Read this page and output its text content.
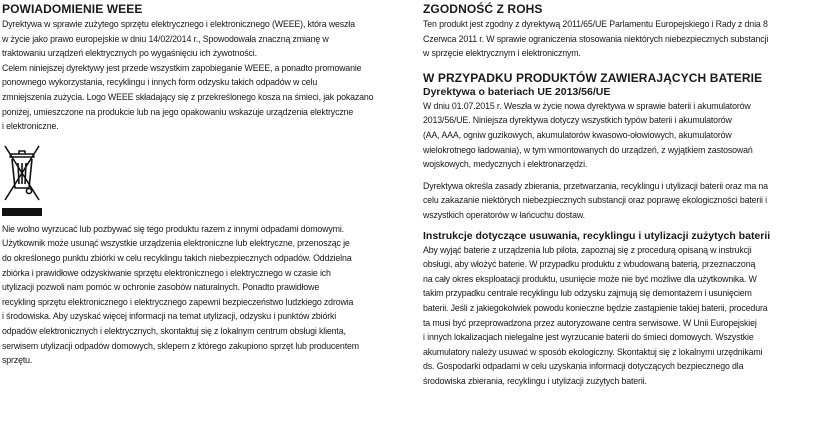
POWIADOMIENIE WEEE
Dyrektywa w sprawie zużytego sprzętu elektrycznego i elektronicznego (WEEE), która weszła
w życie jako prawo europejskie w dniu 14/02/2014 r., Spowodowała znaczną zmianę w
traktowaniu urządzeń elektrycznych po wygaśnięciu ich żywotności.
Celem niniejszej dyrektywy jest przede wszystkim zapobieganie WEEE, a ponadto promowanie
ponownego wykorzystania, recyklingu i innych form odzysku takich odpadów w celu
zmniejszenia zużycia. Logo WEEE składający się z przekreślonego kosza na śmieci, jak pokazano
poniżej, umieszczone na produkcie lub na jego opakowaniu wskazuje urządzenia elektryczne
i elektroniczne.
Nie wolno wyrzucać lub pozbywać się tego produktu razem z innymi odpadami domowymi.
Użytkownik może usunąć wszystkie urządzenia elektroniczne lub elektryczne, przenosząc je
do określonego punktu zbiórki w celu recyklingu takich niebezpiecznych odpadów. Oddzielna
zbiórka i prawidłowe odzyskiwanie sprzętu elektronicznego i elektrycznego w czasie ich
utylizacji pozwoli nam pomóc w ochronie zasobów naturalnych. Ponadto prawidłowe
recykling sprzętu elektronicznego i elektrycznego zapewni bezpieczeństwo ludzkiego zdrowia
i środowiska. Aby uzyskać więcej informacji na temat utylizacji, odzysku i punktów zbiórki
odpadów elektronicznych i elektrycznych, skontaktuj się z lokalnym centrum obsługi klienta,
serwisem utylizacji odpadów domowych, sklepem z którego zakupiono sprzęt lub producentem
sprzętu.
ZGODNOŚĆ Z ROHS
Ten produkt jest zgodny z dyrektywą 2011/65/UE Parlamentu Europejskiego i Rady z dnia 8
Czerwca 2011 r. W sprawie ograniczenia stosowania niektórych niebezpiecznych substancji
w sprzęcie elektrycznym i elektronicznym.
W PRZYPADKU PRODUKTÓW ZAWIERAJĄCYCH BATERIE
Dyrektywa o bateriach UE 2013/56/UE
W dniu 01.07.2015 r. Weszła w życie nowa dyrektywa w sprawie baterii i akumulatorów
2013/56/UE. Niniejsza dyrektywa dotyczy wszystkich typów baterii i akumulatorów
(AA, AAA, ogniw guzikowych, akumulatorów kwasowo-ołowiowych, akumulatorów
wielokrotnego ładowania), w tym wmontowanych do urządzeń, z wyjątkiem zastosowań
wojskowych, medycznych i elektronarzędzi.
Dyrektywa określa zasady zbierania, przetwarzania, recyklingu i utylizacji baterii oraz ma na
celu zakazanie niektórych niebezpiecznych substancji oraz poprawę ekologiczności baterii i
wszystkich operatorów w łańcuchu dostaw.
Instrukcje dotyczące usuwania, recyklingu i utylizacji zużytych baterii
Aby wyjąć baterie z urządzenia lub pilota, zapoznaj się z procedurą opisaną w instrukcji
obsługi, aby włożyć baterie. W przypadku produktu z wbudowaną baterią, przeznaczoną
na cały okres eksploatacji produktu, usunięcie może nie być możliwe dla użytkownika. W
takim przypadku centrale recyklingu lub odzysku zajmują się demontażem i usunięciem
baterii. Jeśli z jakiegokolwiek powodu konieczne będzie zastąpienie takiej baterii, procedura
ta musi być przeprowadzona przez autoryzowane centra serwisowe. W Unii Europejskiej
i innych lokalizacjach nielegalne jest wyrzucanie baterii do śmieci domowych. Wszystkie
akumulatory należy usuwać w sposób ekologiczny. Skontaktuj się z lokalnymi urzędnikami
ds. Gospodarki odpadami w celu uzyskania informacji dotyczących bezpiecznego dla
środowiska zbierania, recyklingu i utylizacji zużytych baterii.
